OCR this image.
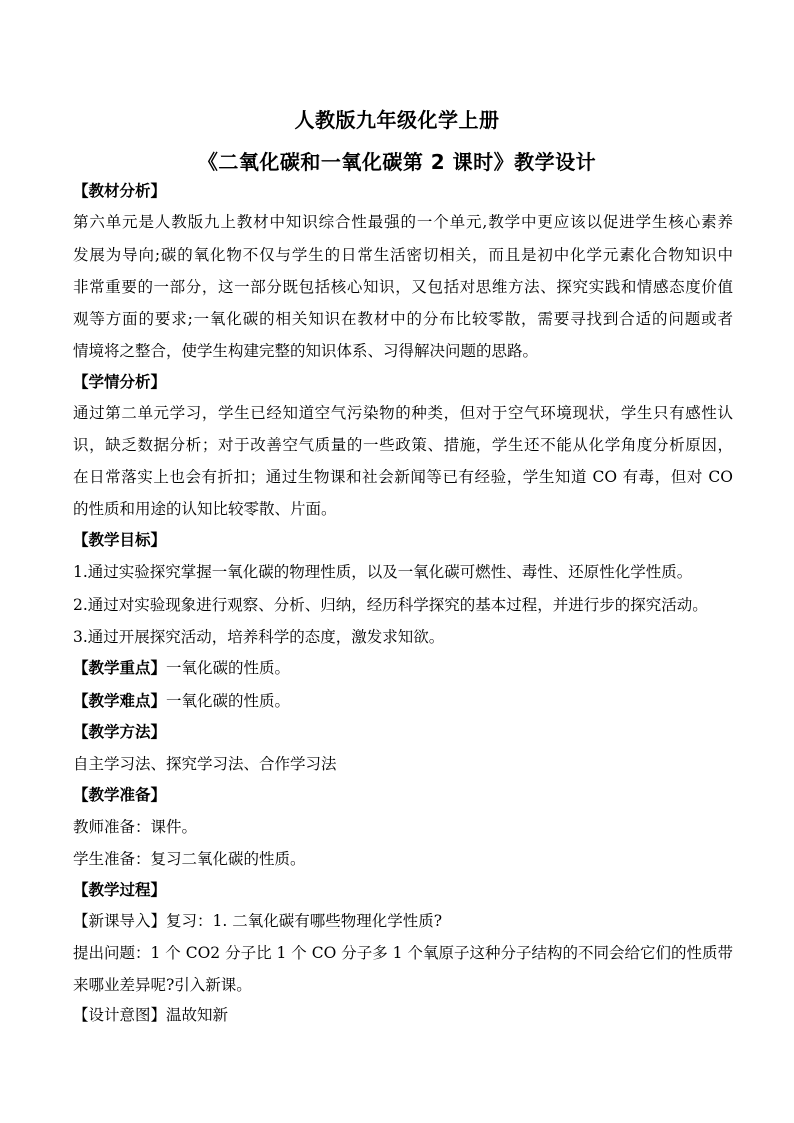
人教版九年级化学上册
《二氧化碳和一氧化碳第 2 课时》教学设计
【教材分析】
第六单元是人教版九上教材中知识综合性最强的一个单元,教学中更应该以促进学生核心素养
发展为导向;碳的氧化物不仅与学生的日常生活密切相关，而且是初中化学元素化合物知识中
非常重要的一部分，这一部分既包括核心知识，又包括对思维方法、探究实践和情感态度价值
观等方面的要求;一氧化碳的相关知识在教材中的分布比较零散，需要寻找到合适的问题或者
情境将之整合，使学生构建完整的知识体系、习得解决问题的思路。
【学情分析】
通过第二单元学习，学生已经知道空气污染物的种类，但对于空气环境现状，学生只有感性认
识，缺乏数据分析；对于改善空气质量的一些政策、措施，学生还不能从化学角度分析原因，
在日常落实上也会有折扣；通过生物课和社会新闻等已有经验，学生知道 CO 有毒，但对 CO
的性质和用途的认知比较零散、片面。
【教学目标】
1.通过实验探究掌握一氧化碳的物理性质，以及一氧化碳可燃性、毒性、还原性化学性质。
2.通过对实验现象进行观察、分析、归纳，经历科学探究的基本过程，并进行步的探究活动。
3.通过开展探究活动，培养科学的态度，激发求知欲。
【教学重点】一氧化碳的性质。
【教学难点】一氧化碳的性质。
【教学方法】
自主学习法、探究学习法、合作学习法
【教学准备】
教师准备：课件。
学生准备：复习二氧化碳的性质。
【教学过程】
【新课导入】复习：1. 二氧化碳有哪些物理化学性质?
提出问题：1 个 CO2 分子比 1 个 CO 分子多 1 个氧原子这种分子结构的不同会给它们的性质带
来哪业差异呢?引入新课。
【设计意图】温故知新
